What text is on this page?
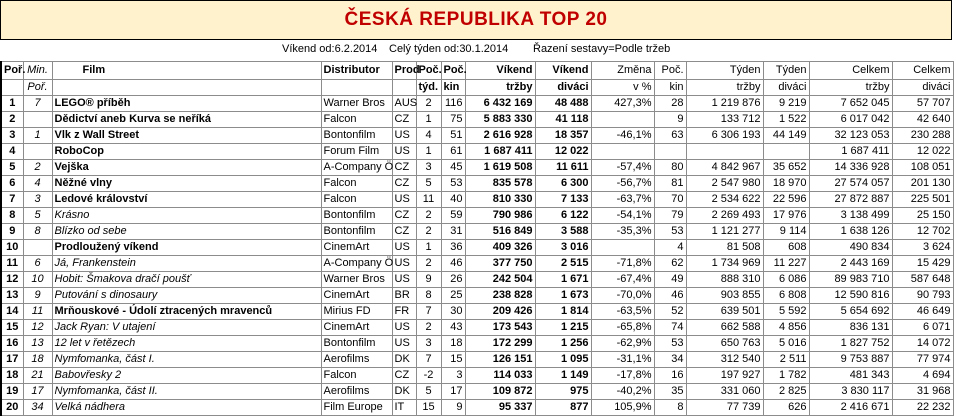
ČESKÁ REPUBLIKA TOP 20
Víkend od:6.2.2014 Celý týden od:30.1.2014 Řazení sestavy=Podle tržeb
Poř.	Min.	Film	Distributor	Prod	Poč.	Poč.	Víkend	Víkend	Změna	Poč.	Týden	Týden	Celkem	Celkem
	Poř.				týd.	kin	tržby	diváci	v %	kin	tržby	diváci	tržby	diváci
1	7	LEGO® příběh	Warner Bros	AUS	2	116	6 432 169	48 488	427,3%	28	1 219 876	9 219	7 652 045	57 707
2		Dědictví aneb Kurva se neříká	Falcon	CZ	1	75	5 883 330	41 118		9	133 712	1 522	6 017 042	42 640
3	1	Vlk z Wall Street	Bontonfilm	US	4	51	2 616 928	18 357	-46,1%	63	6 306 193	44 149	32 123 053	230 288
4		RoboCop	Forum Film	US	1	61	1 687 411	12 022					1 687 411	12 022
5	2	Vejška	A-Company Ö	CZ	3	45	1 619 508	11 611	-57,4%	80	4 842 967	35 652	14 336 928	108 051
6	4	Něžné vlny	Falcon	CZ	5	53	835 578	6 300	-56,7%	81	2 547 980	18 970	27 574 057	201 130
7	3	Ledové království	Falcon	US	11	40	810 330	7 133	-63,7%	70	2 534 622	22 596	27 872 887	225 501
8	5	Krásno	Bontonfilm	CZ	2	59	790 986	6 122	-54,1%	79	2 269 493	17 976	3 138 499	25 150
9	8	Blízko od sebe	Bontonfilm	CZ	2	31	516 849	3 588	-35,3%	53	1 121 277	9 114	1 638 126	12 702
10		Prodloužený víkend	CinemArt	US	1	36	409 326	3 016		4	81 508	608	490 834	3 624
11	6	Já, Frankenstein	A-Company Ö	US	2	46	377 750	2 515	-71,8%	62	1 734 969	11 227	2 443 169	15 429
12	10	Hobit: Šmakova dračí poušť	Warner Bros	US	9	26	242 504	1 671	-67,4%	49	888 310	6 086	89 983 710	587 648
13	9	Putování s dinosaury	CinemArt	BR	8	25	238 828	1 673	-70,0%	46	903 855	6 808	12 590 816	90 793
14	11	Mrňouskové - Údolí ztracených mravenců	Mirius FD	FR	7	30	209 426	1 814	-63,5%	52	639 501	5 592	5 654 692	46 649
15	12	Jack Ryan: V utajení	CinemArt	US	2	43	173 543	1 215	-65,8%	74	662 588	4 856	836 131	6 071
16	13	12 let v řetězech	Bontonfilm	US	3	18	172 299	1 256	-62,9%	53	650 763	5 016	1 827 752	14 072
17	18	Nymfomanka, část I.	Aerofilms	DK	7	15	126 151	1 095	-31,1%	34	312 540	2 511	9 753 887	77 974
18	21	Babovřesky 2	Falcon	CZ	-2	3	114 033	1 149	-17,8%	16	197 927	1 782	481 343	4 694
19	17	Nymfomanka, část II.	Aerofilms	DK	5	17	109 872	975	-40,2%	35	331 060	2 825	3 830 117	31 968
20	34	Velká nádhera	Film Europe	IT	15	9	95 337	877	105,9%	8	77 739	626	2 416 671	22 232
